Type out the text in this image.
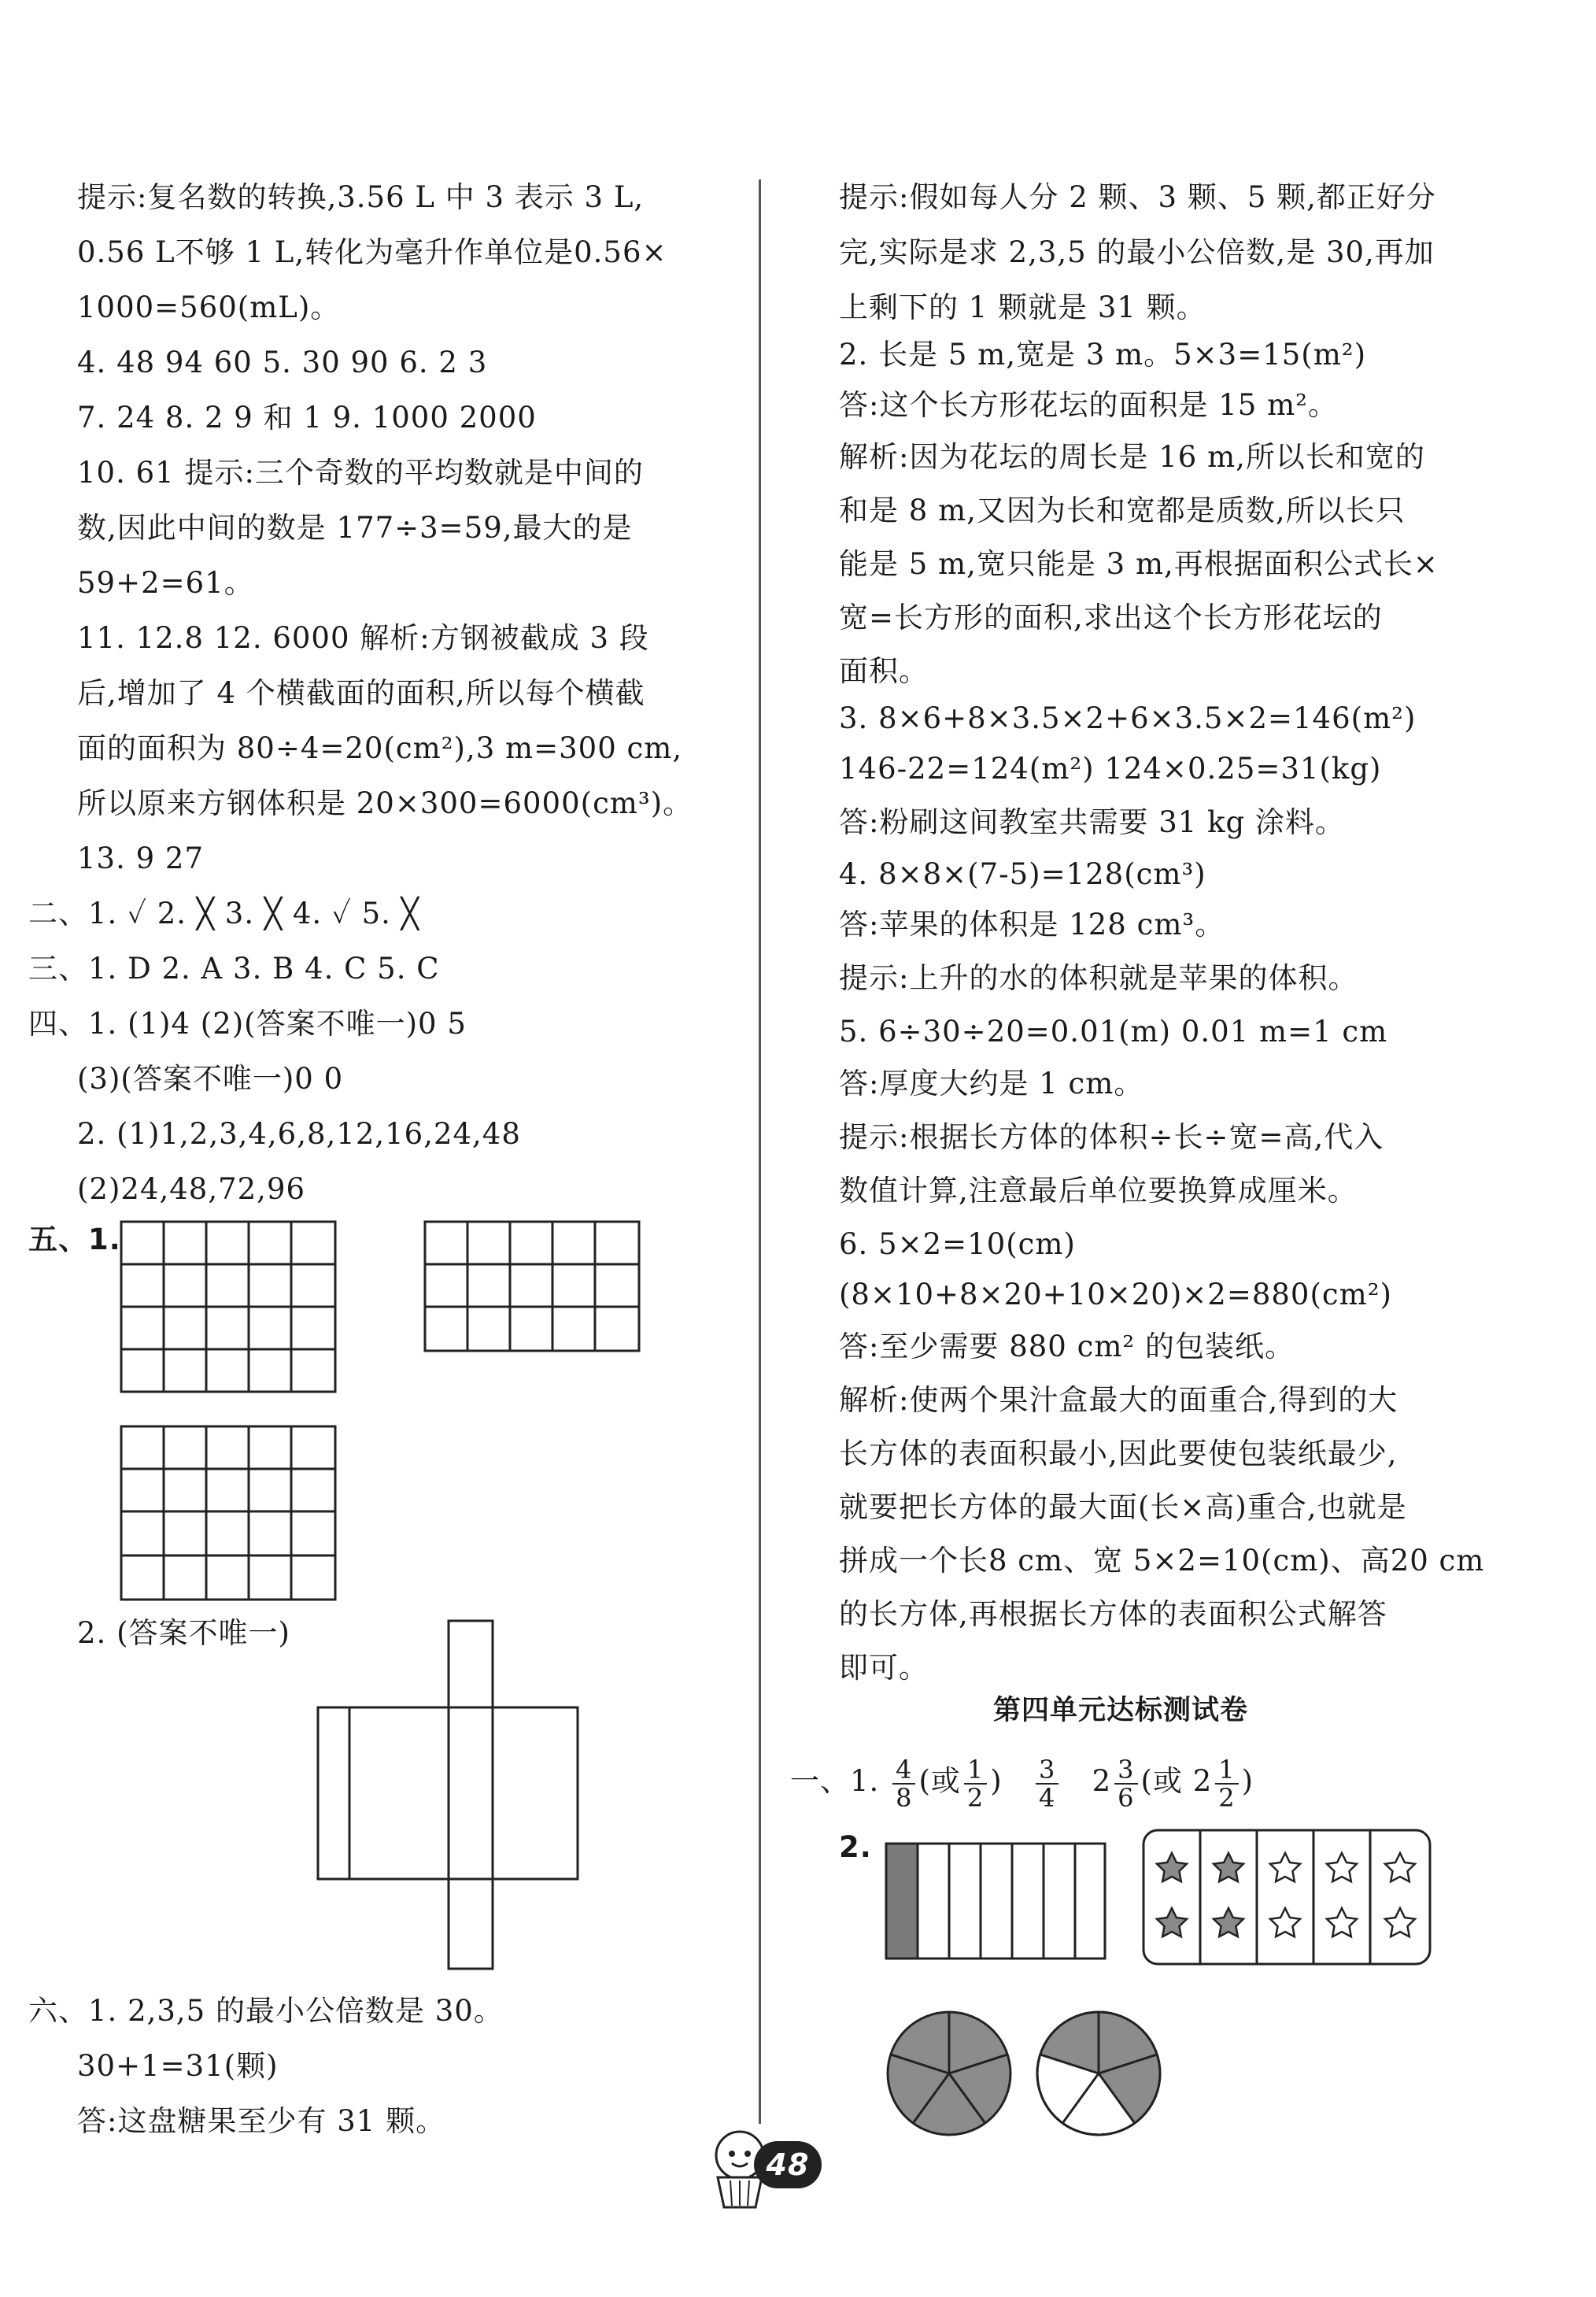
提示:复名数的转换,3.56 L 中 3 表示 3 L,
0.56 L不够 1 L,转化为毫升作单位是0.56×
1000=560(mL)。
4. 48 94 60 5. 30 90 6. 2 3
7. 24 8. 2 9 和 1 9. 1000 2000
10. 61 提示:三个奇数的平均数就是中间的
数,因此中间的数是 177÷3=59,最大的是
59+2=61。
11. 12.8 12. 6000 解析:方钢被截成 3 段
后,增加了 4 个横截面的面积,所以每个横截
面的面积为 80÷4=20(cm²),3 m=300 cm,
所以原来方钢体积是 20×300=6000(cm³)。
13. 9 27
二、1. ✓ 2. ╳ 3. ╳ 4. ✓ 5. ╳
三、1. D 2. A 3. B 4. C 5. C
四、1. (1)4 (2)(答案不唯一)0 5
(3)(答案不唯一)0 0
2. (1)1,2,3,4,6,8,12,16,24,48
(2)24,48,72,96
五、1.
2. (答案不唯一)
六、1. 2,3,5 的最小公倍数是 30。
30+1=31(颗)
答:这盘糖果至少有 31 颗。
提示:假如每人分 2 颗、3 颗、5 颗,都正好分
完,实际是求 2,3,5 的最小公倍数,是 30,再加
上剩下的 1 颗就是 31 颗。
2. 长是 5 m,宽是 3 m。5×3=15(m²)
答:这个长方形花坛的面积是 15 m²。
解析:因为花坛的周长是 16 m,所以长和宽的
和是 8 m,又因为长和宽都是质数,所以长只
能是 5 m,宽只能是 3 m,再根据面积公式长×
宽=长方形的面积,求出这个长方形花坛的
面积。
3. 8×6+8×3.5×2+6×3.5×2=146(m²)
146-22=124(m²) 124×0.25=31(kg)
答:粉刷这间教室共需要 31 kg 涂料。
4. 8×8×(7-5)=128(cm³)
答:苹果的体积是 128 cm³。
提示:上升的水的体积就是苹果的体积。
5. 6÷30÷20=0.01(m) 0.01 m=1 cm
答:厚度大约是 1 cm。
提示:根据长方体的体积÷长÷宽=高,代入
数值计算,注意最后单位要换算成厘米。
6. 5×2=10(cm)
(8×10+8×20+10×20)×2=880(cm²)
答:至少需要 880 cm² 的包装纸。
解析:使两个果汁盒最大的面重合,得到的大
长方体的表面积最小,因此要使包装纸最少,
就要把长方体的最大面(长×高)重合,也就是
拼成一个长8 cm、宽 5×2=10(cm)、高20 cm
的长方体,再根据长方体的表面积公式解答
即可。
第四单元达标测试卷
一、1. $\frac{4}{8}$ (或 $\frac{1}{2}$ ) $\frac{3}{4} 2 \frac{3}{6}$ (或 $2 \frac{1}{2}$ )
2.
48
